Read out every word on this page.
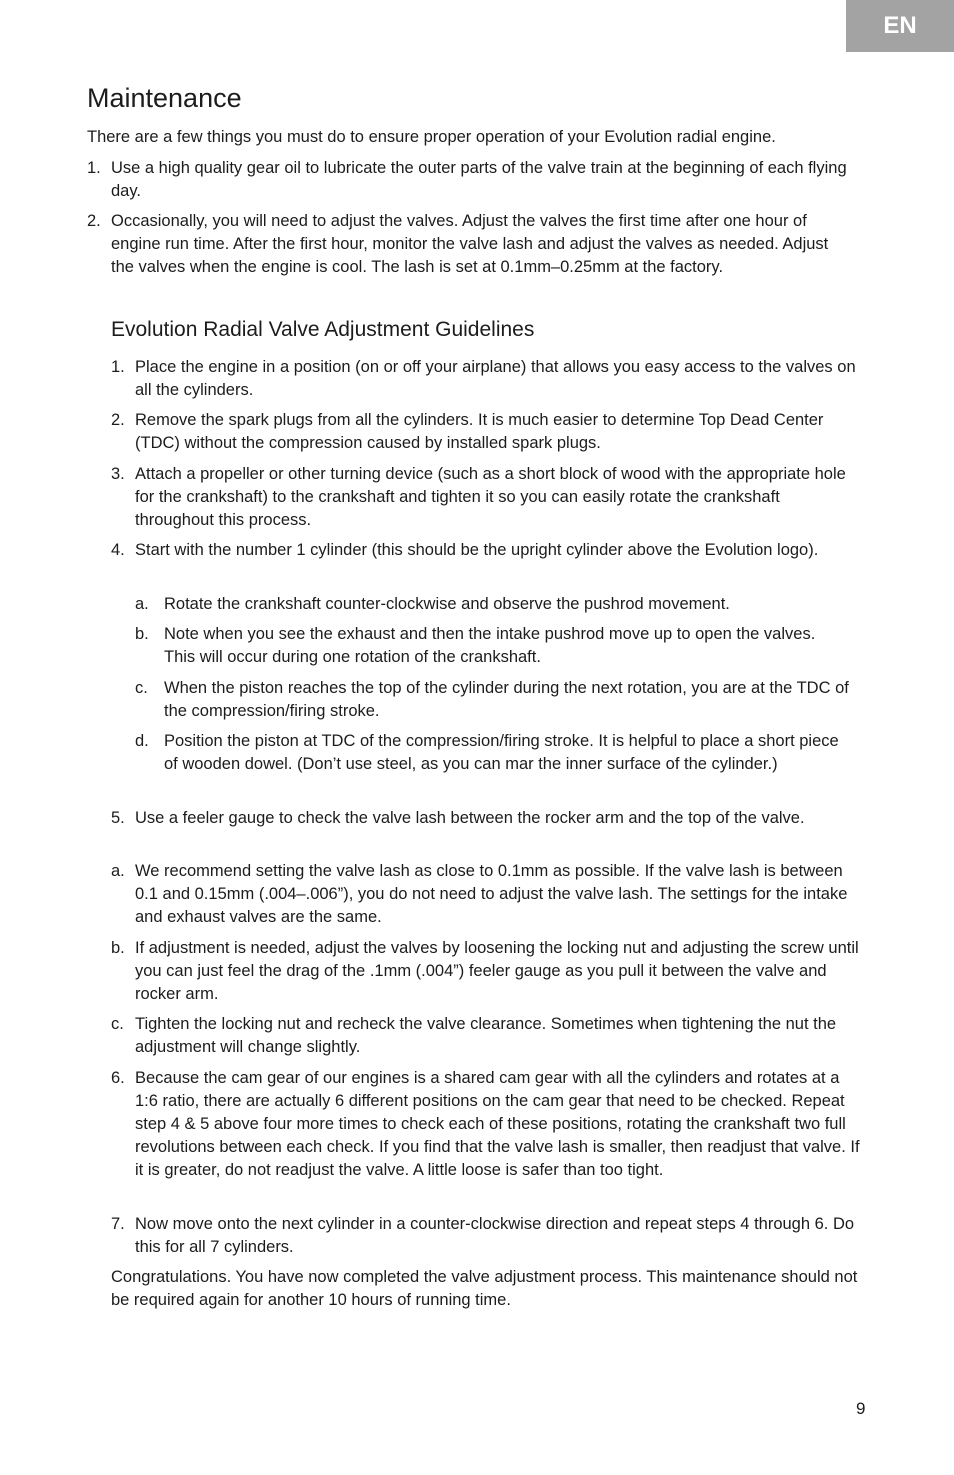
EN
Maintenance

There are a few things you must do to ensure proper operation of your Evolution radial engine.

1. Use a high quality gear oil to lubricate the outer parts of the valve train at the beginning of each flying day.
2. Occasionally, you will need to adjust the valves. Adjust the valves the first time after one hour of engine run time. After the first hour, monitor the valve lash and adjust the valves as needed. Adjust the valves when the engine is cool. The lash is set at 0.1mm–0.25mm at the factory.
Evolution Radial Valve Adjustment Guidelines
1. Place the engine in a position (on or off your airplane) that allows you easy access to the valves on all the cylinders.
2. Remove the spark plugs from all the cylinders. It is much easier to determine Top Dead Center (TDC) without the compression caused by installed spark plugs.
3. Attach a propeller or other turning device (such as a short block of wood with the appropriate hole for the crankshaft) to the crankshaft and tighten it so you can easily rotate the crankshaft throughout this process.
4. Start with the number 1 cylinder (this should be the upright cylinder above the Evolution logo).
a. Rotate the crankshaft counter-clockwise and observe the pushrod movement.
b. Note when you see the exhaust and then the intake pushrod move up to open the valves. This will occur during one rotation of the crankshaft.
c. When the piston reaches the top of the cylinder during the next rotation, you are at the TDC of the compression/firing stroke.
d. Position the piston at TDC of the compression/firing stroke. It is helpful to place a short piece of wooden dowel. (Don’t use steel, as you can mar the inner surface of the cylinder.)
5. Use a feeler gauge to check the valve lash between the rocker arm and the top of the valve.
a. We recommend setting the valve lash as close to 0.1mm as possible. If the valve lash is between 0.1 and 0.15mm (.004–.006”), you do not need to adjust the valve lash. The settings for the intake and exhaust valves are the same.
b. If adjustment is needed, adjust the valves by loosening the locking nut and adjusting the screw until you can just feel the drag of the .1mm (.004”) feeler gauge as you pull it between the valve and rocker arm.
c. Tighten the locking nut and recheck the valve clearance. Sometimes when tightening the nut the adjustment will change slightly.
6. Because the cam gear of our engines is a shared cam gear with all the cylinders and rotates at a 1:6 ratio, there are actually 6 different positions on the cam gear that need to be checked. Repeat step 4 & 5 above four more times to check each of these positions, rotating the crankshaft two full revolutions between each check. If you find that the valve lash is smaller, then readjust that valve. If it is greater, do not readjust the valve. A little loose is safer than too tight.
7. Now move onto the next cylinder in a counter-clockwise direction and repeat steps 4 through 6. Do this for all 7 cylinders.

Congratulations. You have now completed the valve adjustment process. This maintenance should not be required again for another 10 hours of running time.

9
